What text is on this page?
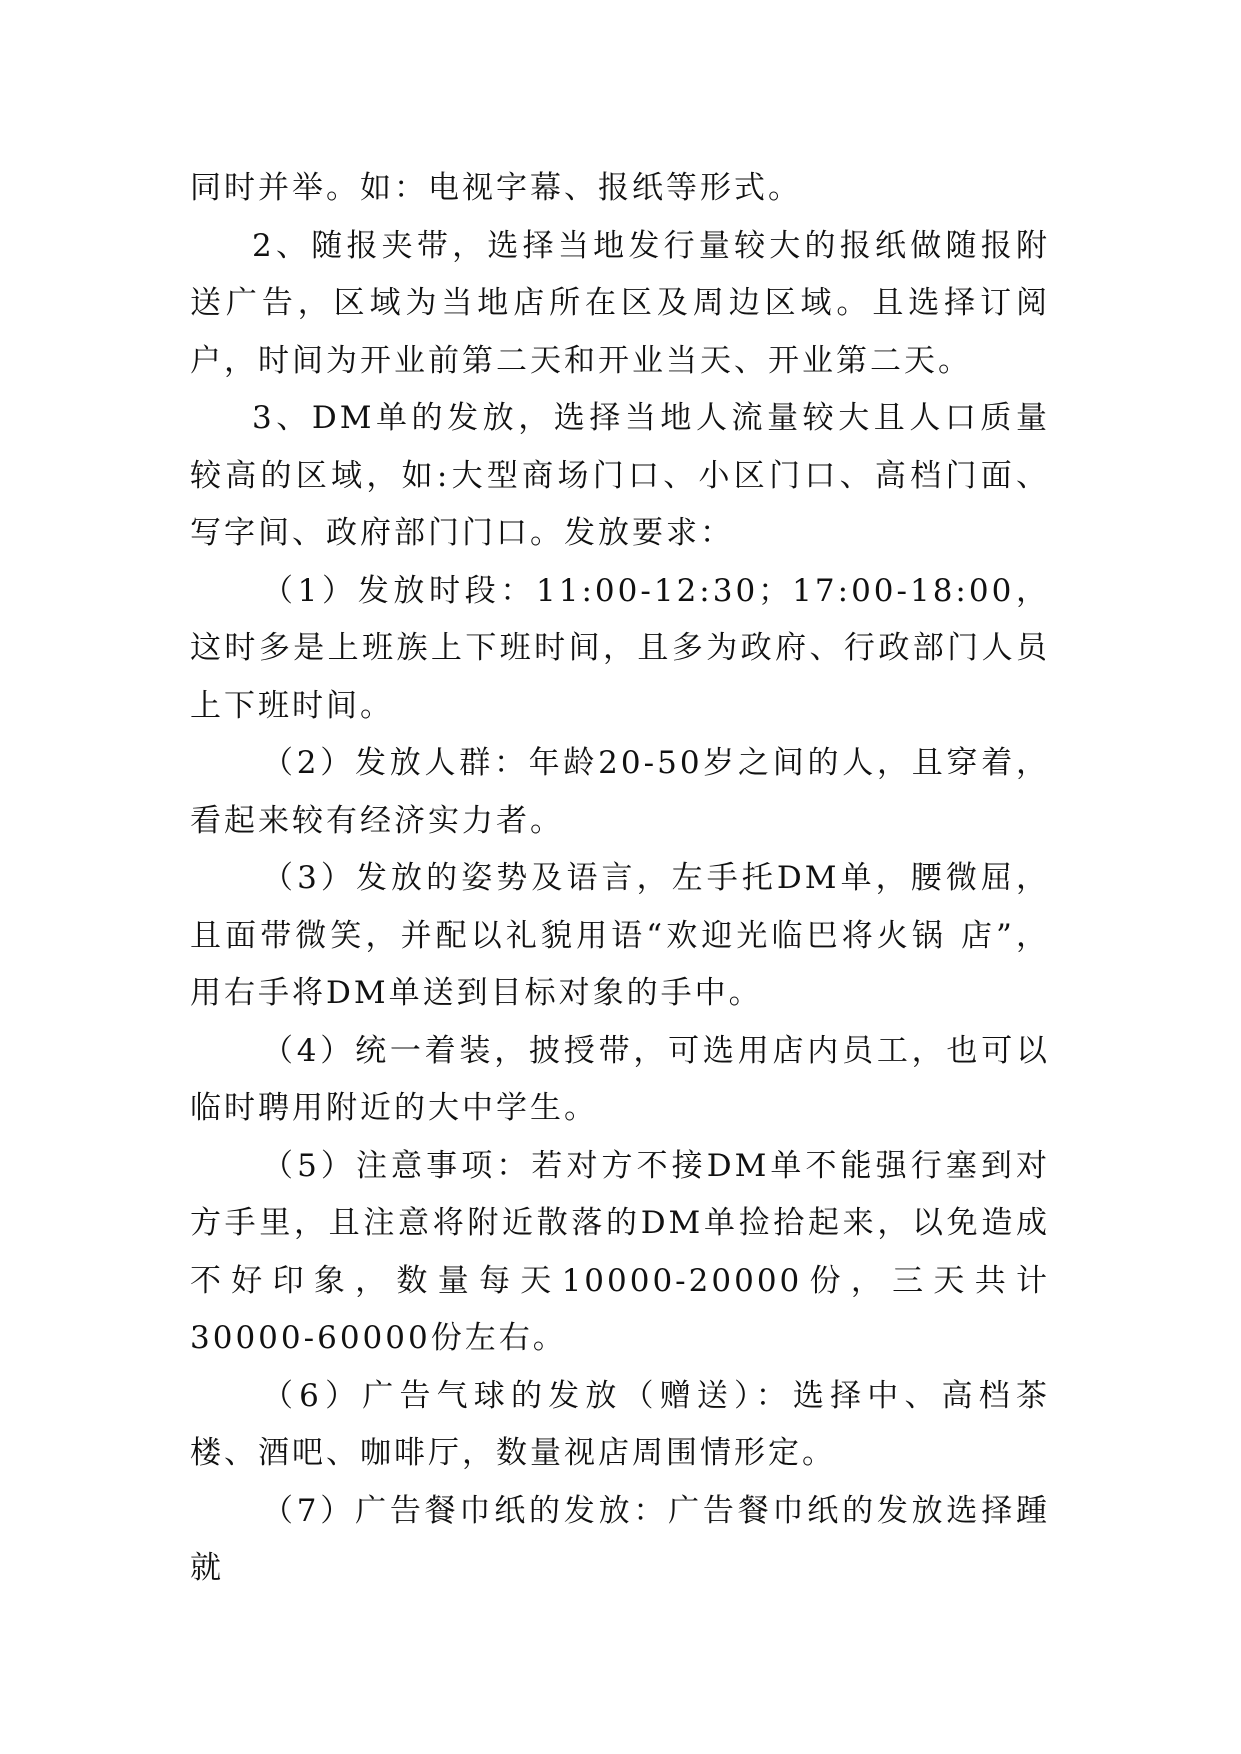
同时并举。如：电视字幕、报纸等形式。

2、随报夹带，选择当地发行量较大的报纸做随报附送广告，区域为当地店所在区及周边区域。且选择订阅户，时间为开业前第二天和开业当天、开业第二天。

3、DM单的发放，选择当地人流量较大且人口质量较高的区域，如:大型商场门口、小区门口、高档门面、写字间、政府部门门口。发放要求：

（1）发放时段：11:00-12:30；17:00-18:00，这时多是上班族上下班时间，且多为政府、行政部门人员上下班时间。

（2）发放人群：年龄20-50岁之间的人，且穿着，看起来较有经济实力者。

（3）发放的姿势及语言，左手托DM单，腰微屈，且面带微笑，并配以礼貌用语“欢迎光临巴将火锅 店”，用右手将DM单送到目标对象的手中。

（4）统一着装，披授带，可选用店内员工，也可以临时聘用附近的大中学生。

（5）注意事项：若对方不接DM单不能强行塞到对方手里，且注意将附近散落的DM单捡拾起来，以免造成不好印象，数量每天10000-20000份，三天共计30000-60000份左右。

（6）广告气球的发放（赠送）：选择中、高档茶楼、酒吧、咖啡厅，数量视店周围情形定。

（7）广告餐巾纸的发放：广告餐巾纸的发放选择踵就
